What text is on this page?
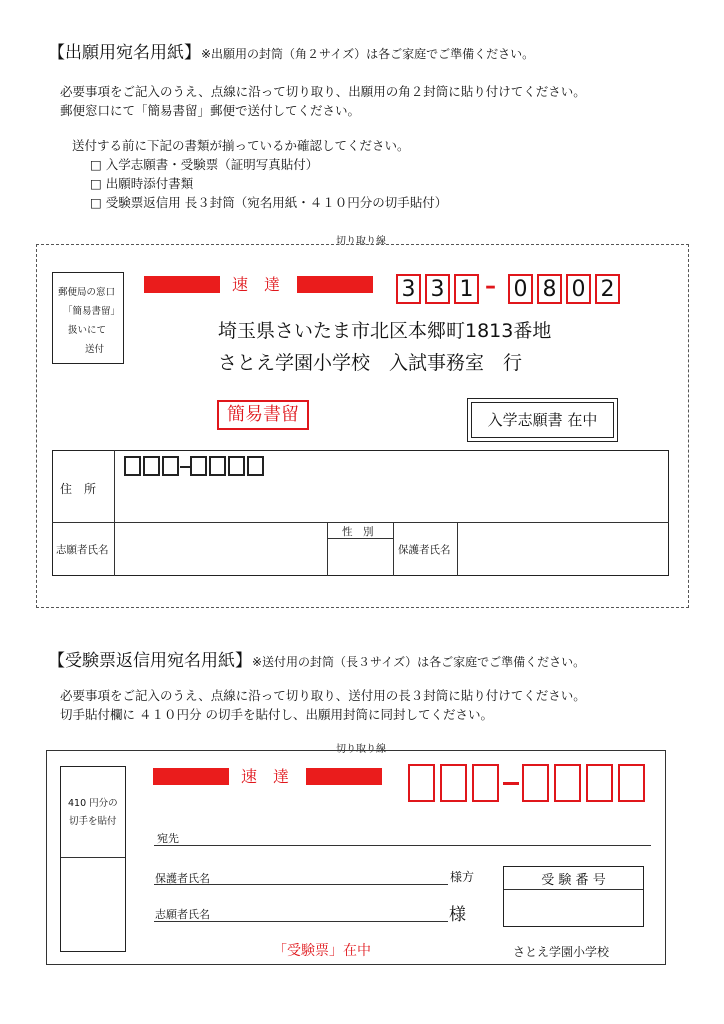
【出願用宛名用紙】※出願用の封筒（角２サイズ）は各ご家庭でご準備ください。
必要事項をご記入のうえ、点線に沿って切り取り、出願用の角２封筒に貼り付けてください。
郵便窓口にて「簡易書留」郵便で送付してください。
送付する前に下記の書類が揃っているか確認してください。
□ 入学志願書・受験票（証明写真貼付）
□ 出願時添付書類
□ 受験票返信用 長３封筒（宛名用紙・４１０円分の切手貼付）
切り取り線
郵便局の窓口
「簡易書留」
扱いにて
送付
速　達	3 3 1 – 0 8 0 2
埼玉県さいたま市北区本郷町1813番地
さとえ学園小学校　入試事務室　行
簡易書留	入学志願書 在中
住　所
志願者氏名
性　別
保護者氏名
【受験票返信用宛名用紙】※送付用の封筒（長３サイズ）は各ご家庭でご準備ください。
必要事項をご記入のうえ、点線に沿って切り取り、送付用の長３封筒に貼り付けてください。
切手貼付欄に ４１０円分 の切手を貼付し、出願用封筒に同封してください。
切り取り線
410 円分の
切手を貼付
速　達
宛先
保護者氏名	様方
志願者氏名	様
受 験 番 号
「受験票」在中	さとえ学園小学校
